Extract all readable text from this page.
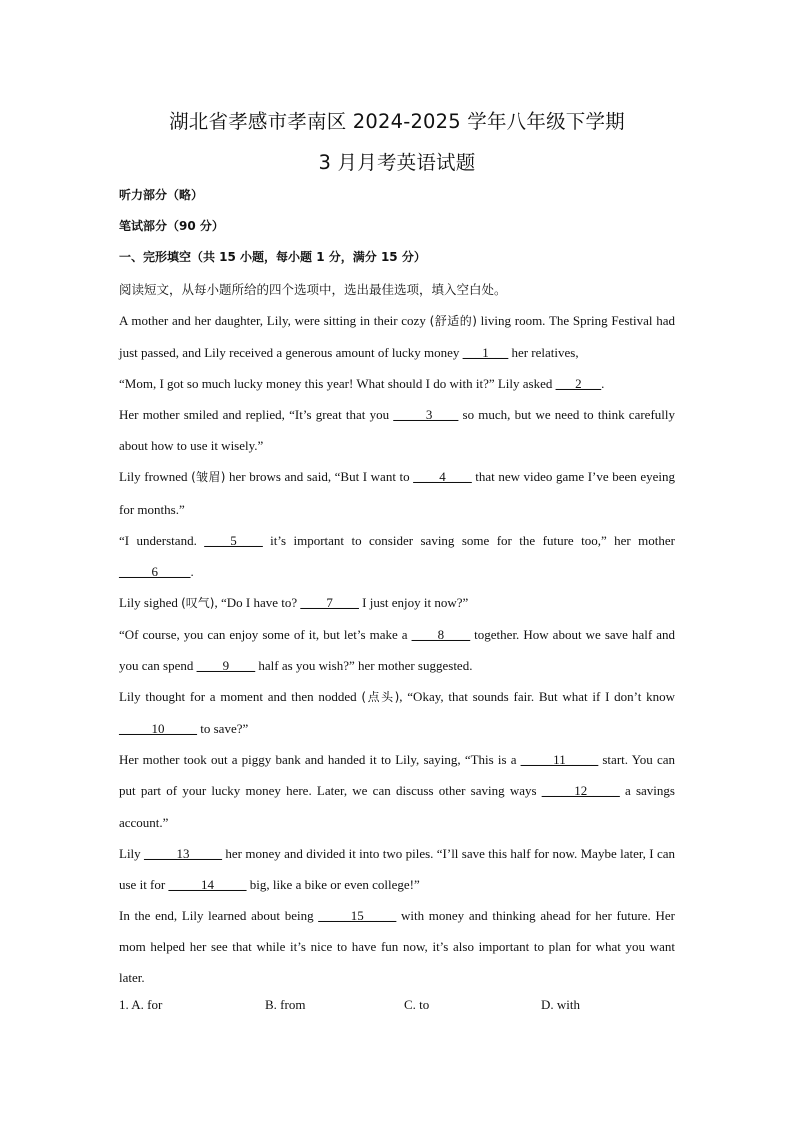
湖北省孝感市孝南区 2024-2025 学年八年级下学期
3 月月考英语试题
听力部分（略）
笔试部分（90 分）
一、完形填空（共 15 小题，每小题 1 分，满分 15 分）
阅读短文，从每小题所给的四个选项中，选出最佳选项，填入空白处。

A mother and her daughter, Lily, were sitting in their cozy (舒适的) living room. The Spring Festival had just passed, and Lily received a generous amount of lucky money ___1___ her relatives,

“Mom, I got so much lucky money this year! What should I do with it?” Lily asked ___2___.

Her mother smiled and replied, “It’s great that you _____3____ so much, but we need to think carefully about how to use it wisely.”

Lily frowned (皱眉) her brows and said, “But I want to ____4____ that new video game I’ve been eyeing for months.”

“I understand. ____5____ it’s important to consider saving some for the future too,” her mother _____6_____.

Lily sighed (叹气), “Do I have to? ____7____ I just enjoy it now?”

“Of course, you can enjoy some of it, but let’s make a ____8____ together. How about we save half and you can spend ____9____ half as you wish?” her mother suggested.

Lily thought for a moment and then nodded (点头), “Okay, that sounds fair. But what if I don’t know _____10_____ to save?”

Her mother took out a piggy bank and handed it to Lily, saying, “This is a _____11_____ start. You can put part of your lucky money here. Later, we can discuss other saving ways _____12_____ a savings account.”

Lily _____13_____ her money and divided it into two piles. “I’ll save this half for now. Maybe later, I can use it for _____14_____ big, like a bike or even college!”

In the end, Lily learned about being _____15_____ with money and thinking ahead for her future. Her mom helped her see that while it’s nice to have fun now, it’s also important to plan for what you want later.

1. A. for	B. from	C. to	D. with
